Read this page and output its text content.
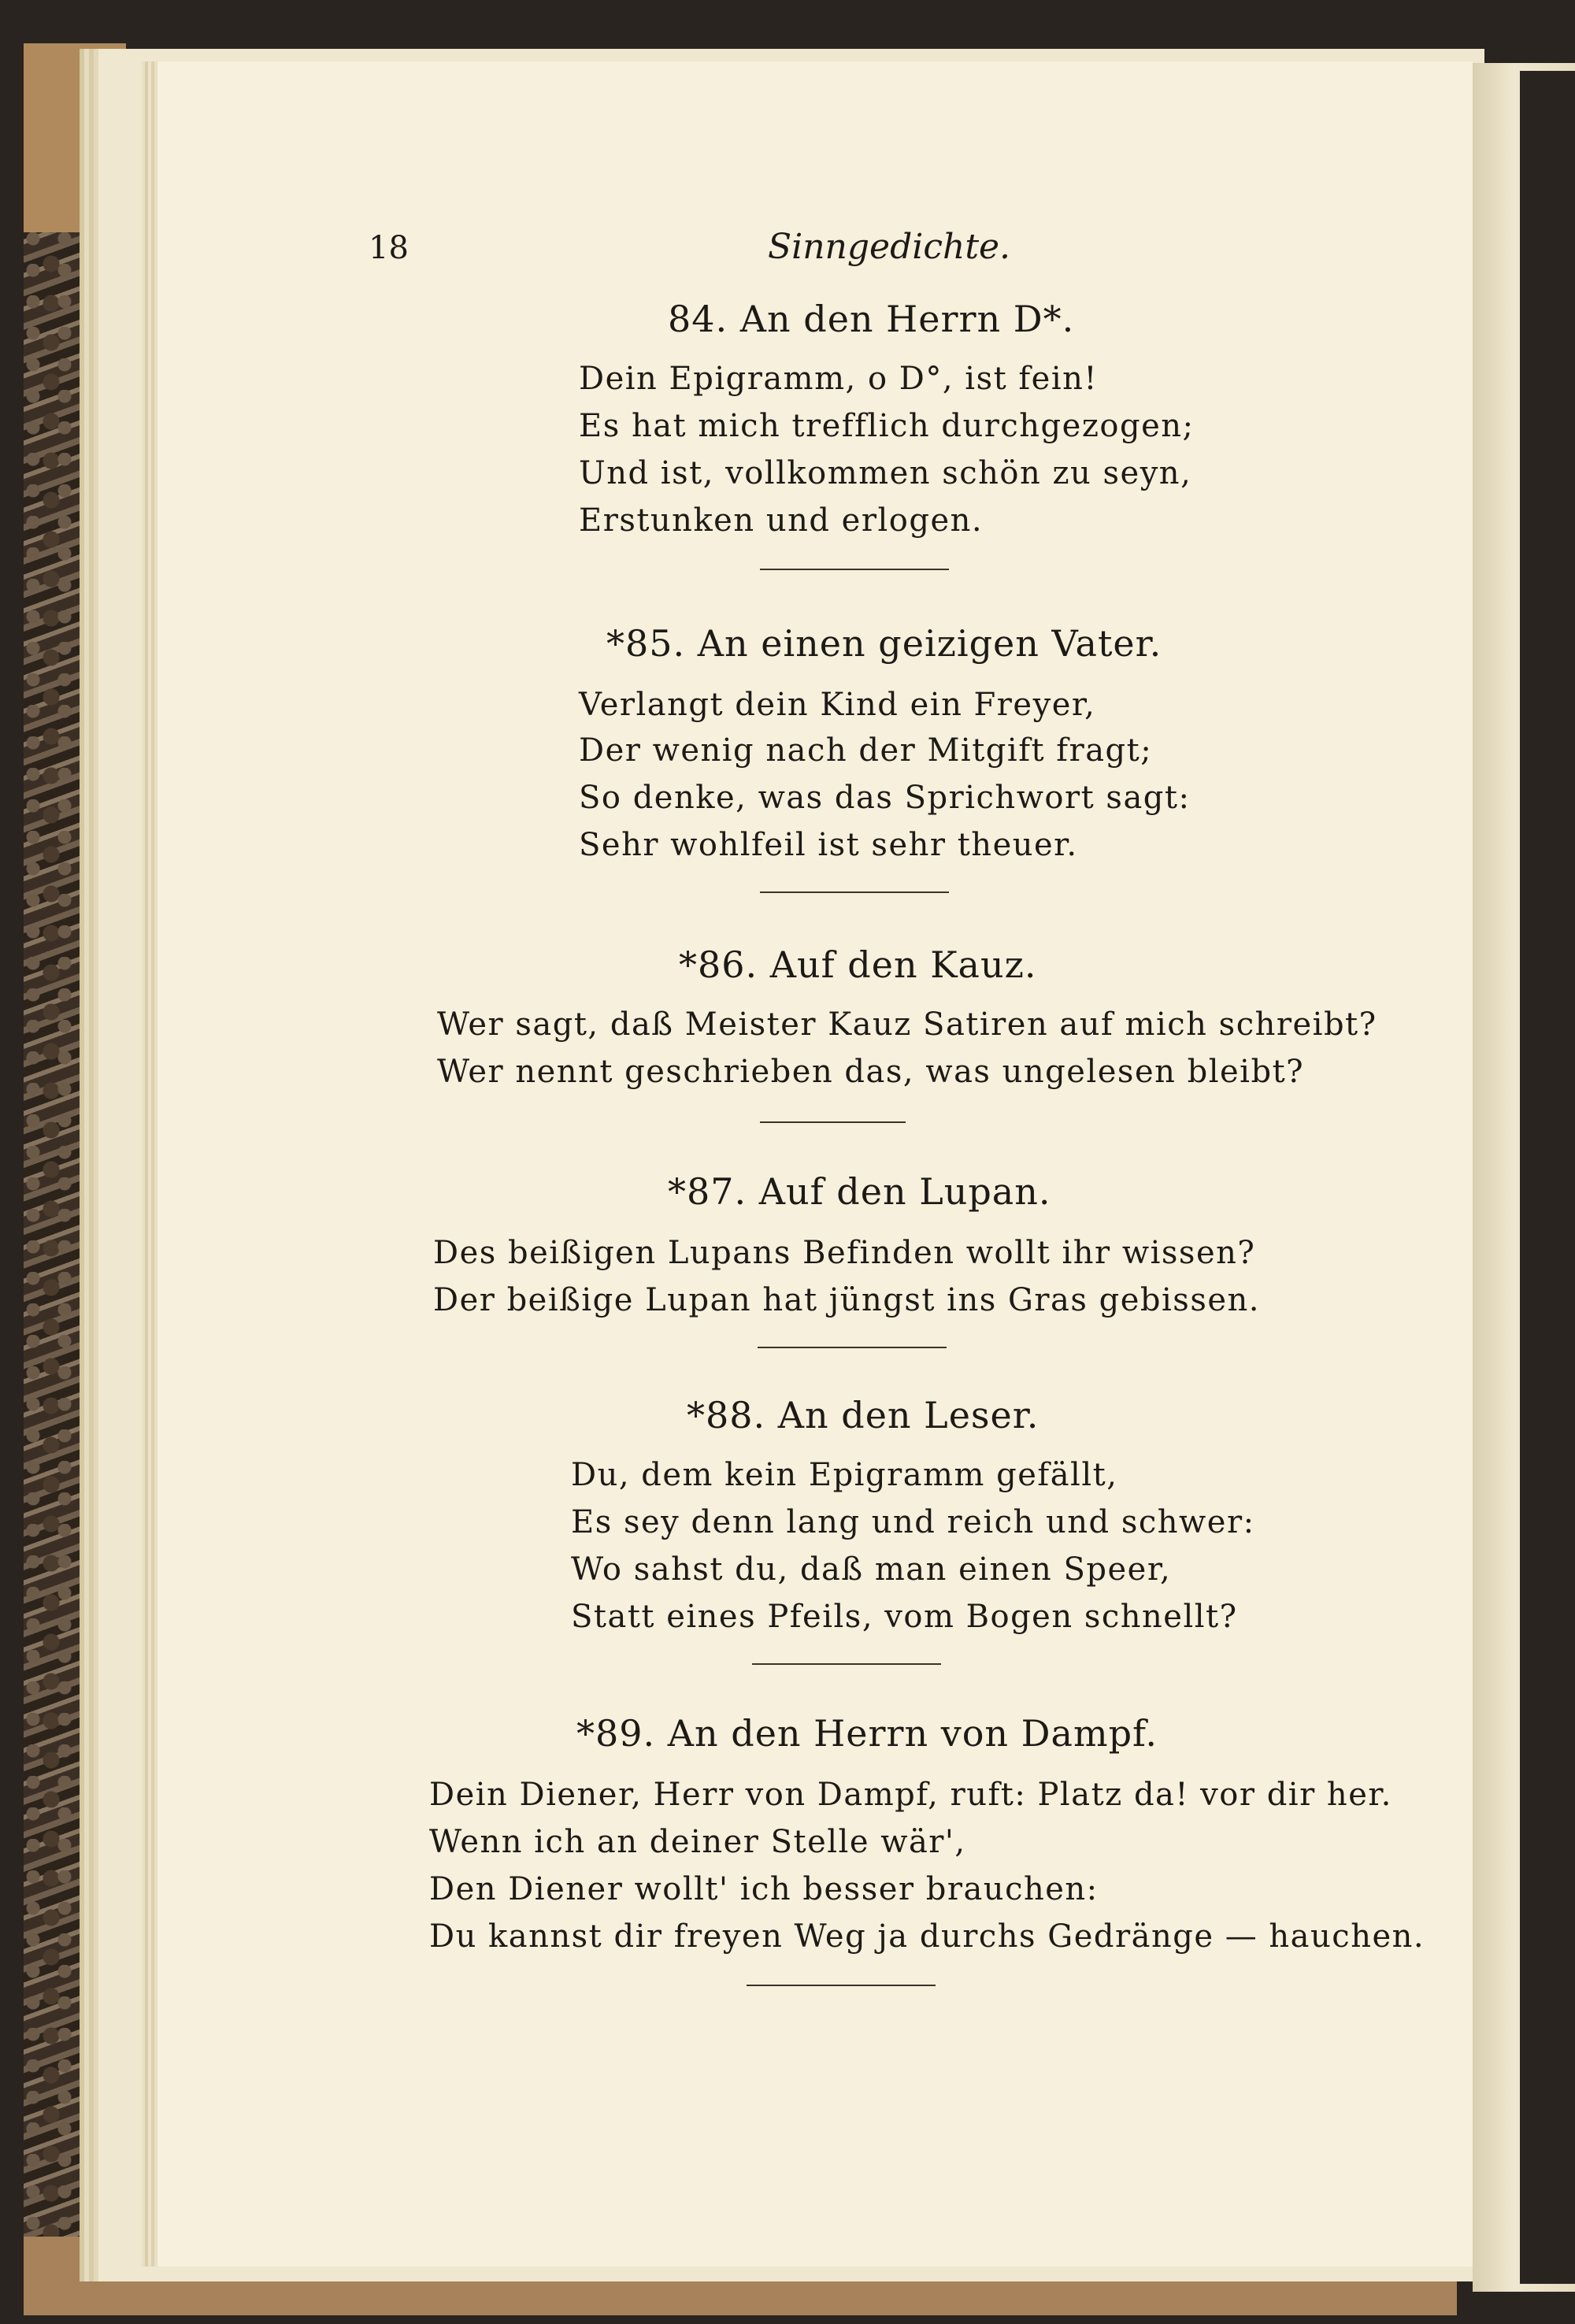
18	Sinngedichte.
84. An den Herrn D*.
Dein Epigramm, o D°, ist fein!
Es hat mich trefflich durchgezogen;
Und ist, vollkommen schön zu seyn,
Erstunken und erlogen.
*85. An einen geizigen Vater.
Verlangt dein Kind ein Freyer,
Der wenig nach der Mitgift fragt;
So denke, was das Sprichwort sagt:
Sehr wohlfeil ist sehr theuer.
*86. Auf den Kauz.
Wer sagt, daß Meister Kauz Satiren auf mich schreibt?
Wer nennt geschrieben das, was ungelesen bleibt?
*87. Auf den Lupan.
Des beißigen Lupans Befinden wollt ihr wissen?
Der beißige Lupan hat jüngst ins Gras gebissen.
*88. An den Leser.
Du, dem kein Epigramm gefällt,
Es sey denn lang und reich und schwer:
Wo sahst du, daß man einen Speer,
Statt eines Pfeils, vom Bogen schnellt?
*89. An den Herrn von Dampf.
Dein Diener, Herr von Dampf, ruft: Platz da! vor dir her.
Wenn ich an deiner Stelle wär',
Den Diener wollt' ich besser brauchen:
Du kannst dir freyen Weg ja durchs Gedränge — hauchen.
